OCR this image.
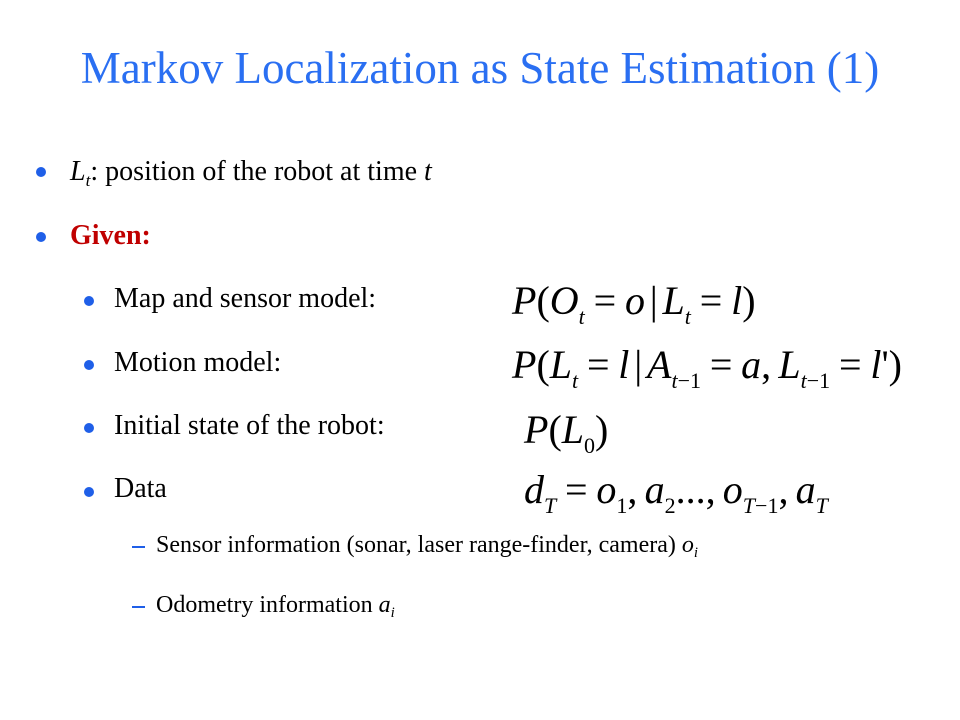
Markov Localization as State Estimation (1)
$L_t$: position of the robot at time t
Given:
Map and sensor model:
Motion model:
Initial state of the robot:
Data
Sensor information (sonar, laser range-finder, camera) $o_i$
Odometry information $a_i$
$P(O_t = o$ | $L_t = l$)
$P(L_t = l$ | $A_{t-1} = a$, $L_{t-1} = l'$)
$P(L_0)$
$d_T = o_1$, $a_2$..., $o_{T-1}$, $a_T$
